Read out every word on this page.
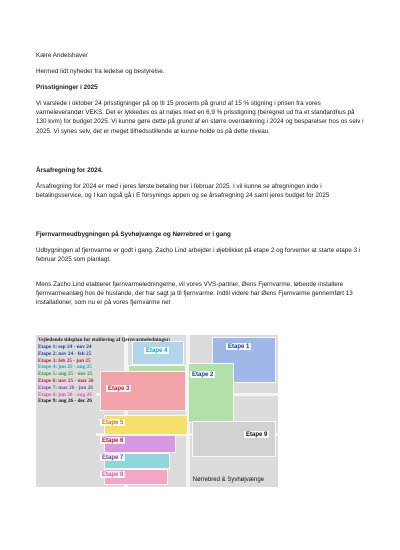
Kære Andelshaver

Hermed lidt nyheder fra ledelse og bestyrelse.

Prisstigninger i 2025

Vi varslede i oktober 24 prisstigninger på op til 15 procents på grund af 15 % stigning i prisen fra vores varmeleverandør VEKS. Det er lykkedes os at nøjes med en 6,9 % prisstigning (beregnet ud fra et standardhus på 130 kvm) for budget 2025. Vi kunne gøre dette på grund af en større overdækning i 2024 og besparelser hos os selv i 2025. Vi synes selv, det er meget tilfredsstillende at kunne holde os på dette niveau.

Årsafregning for 2024.

Årsafregning for 2024 er med i jeres første betaling her i februar 2025. I vil kunne se afregningen inde i betalingsservice, og I kan også gå i E forsynings appen og se årsafregning 24 samt jeres budget for 2025

Fjernvarmeudbygningen på Syvhøjvænge og Nørrebred er i gang

Udbygningen af fjernvarme er godt i gang. Zacho Lind arbejder i øjeblikket på etape 2 og forventer at starte etape 3 i februar 2025 som planlagt.

Mens Zacho Lind etablerer fjernvarmeledningerne, vil vores VVS-partner, Øens Fjernvarme, løbende installere fjernvarmeanlæg hos de hustande, der har sagt ja til fjernvarme. Indtil videre har Øens Fjernvarme gennemført 13 installationer, som nu er på vores fjernvarme net

Etape 1
Etape 4
Etape 2
Etape 3
Etape 9
Etape 5
Etape 6
Etape 7
Etape 8
Vejledende tidsplan for etablering af fjernvarmeledninger:
Etape 1: sep 24 - nov 24
Etape 2: nov 24 - feb 25
Etape 3: feb 25 - jun 25
Etape 4: jun 25 - aug 25
Etape 5: aug 25 - nov 25
Etape 6: nov 25 - mar 26
Etape 7: mar 26 - jun 26
Etape 8: jun 26 - aug 26
Etape 9: aug 26 - dec 26
Nørrebred & Syvhøjvænge
